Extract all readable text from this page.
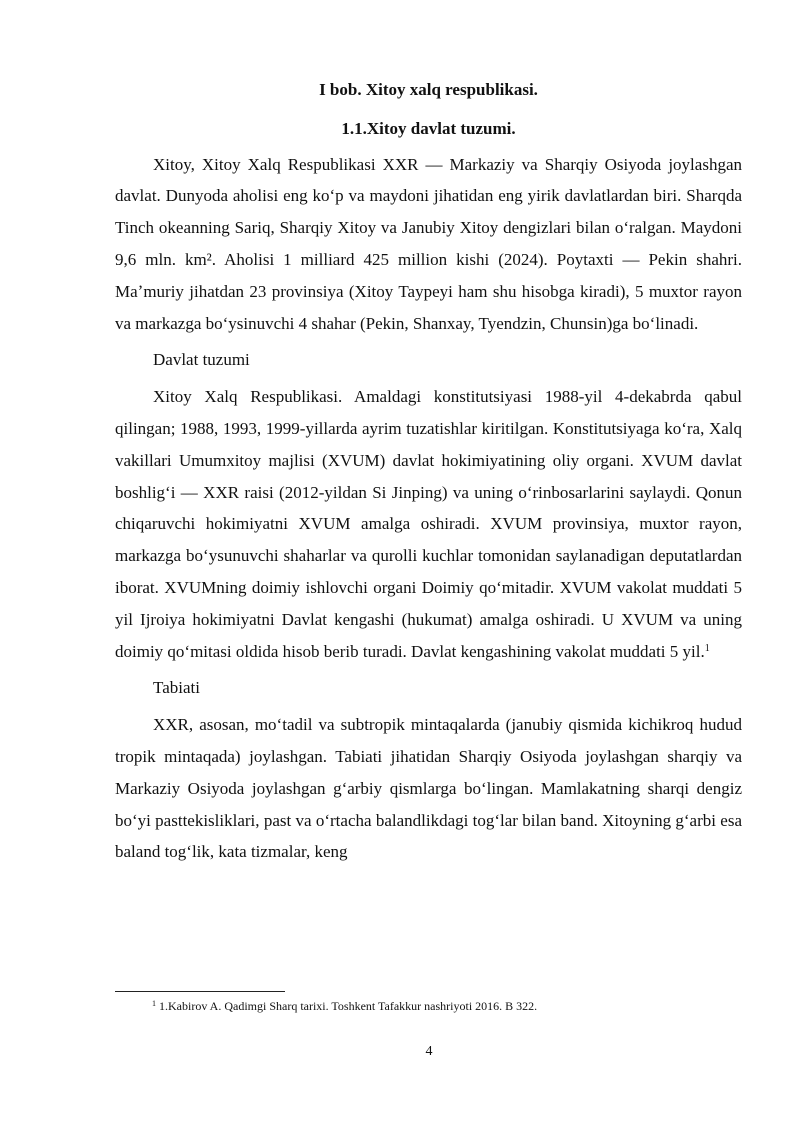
I bob. Xitoy xalq respublikasi.

1.1.Xitoy davlat tuzumi.

Xitoy, Xitoy Xalq Respublikasi XXR — Markaziy va Sharqiy Osiyoda joylashgan davlat. Dunyoda aholisi eng koʻp va maydoni jihatidan eng yirik davlatlardan biri. Sharqda Tinch okeanning Sariq, Sharqiy Xitoy va Janubiy Xitoy dengizlari bilan oʻralgan. Maydoni 9,6 mln. km². Aholisi 1 milliard 425 million kishi (2024). Poytaxti — Pekin shahri. Maʼmuriy jihatdan 23 provinsiya (Xitoy Taypeyi ham shu hisobga kiradi), 5 muxtor rayon va markazga boʻysinuvchi 4 shahar (Pekin, Shanxay, Tyendzin, Chunsin)ga boʻlinadi.

Davlat tuzumi

Xitoy Xalq Respublikasi. Amaldagi konstitutsiyasi 1988-yil 4-dekabrda qabul qilingan; 1988, 1993, 1999-yillarda ayrim tuzatishlar kiritilgan. Konstitutsiyaga koʻra, Xalq vakillari Umumxitoy majlisi (XVUM) davlat hokimiyatining oliy organi. XVUM davlat boshligʻi — XXR raisi (2012-yildan Si Jinping) va uning oʻrinbosarlarini saylaydi. Qonun chiqaruvchi hokimiyatni XVUM amalga oshiradi. XVUM provinsiya, muxtor rayon, markazga boʻysunuvchi shaharlar va qurolli kuchlar tomonidan saylanadigan deputatlardan iborat. XVUMning doimiy ishlovchi organi Doimiy qoʻmitadir. XVUM vakolat muddati 5 yil Ijroiya hokimiyatni Davlat kengashi (hukumat) amalga oshiradi. U XVUM va uning doimiy qoʻmitasi oldida hisob berib turadi. Davlat kengashining vakolat muddati 5 yil.$^1$

Tabiati

XXR, asosan, moʻtadil va subtropik mintaqalarda (janubiy qismida kichikroq hudud tropik mintaqada) joylashgan. Tabiati jihatidan Sharqiy Osiyoda joylashgan sharqiy va Markaziy Osiyoda joylashgan gʻarbiy qismlarga boʻlingan. Mamlakatning sharqi dengiz boʻyi pasttekisliklari, past va oʻrtacha balandlikdagi togʻlar bilan band. Xitoyning gʻarbi esa baland togʻlik, kata tizmalar, keng

$^1$ 1.Kabirov A. Qadimgi Sharq tarixi. Toshkent Tafakkur nashriyoti 2016. B 322.
4
